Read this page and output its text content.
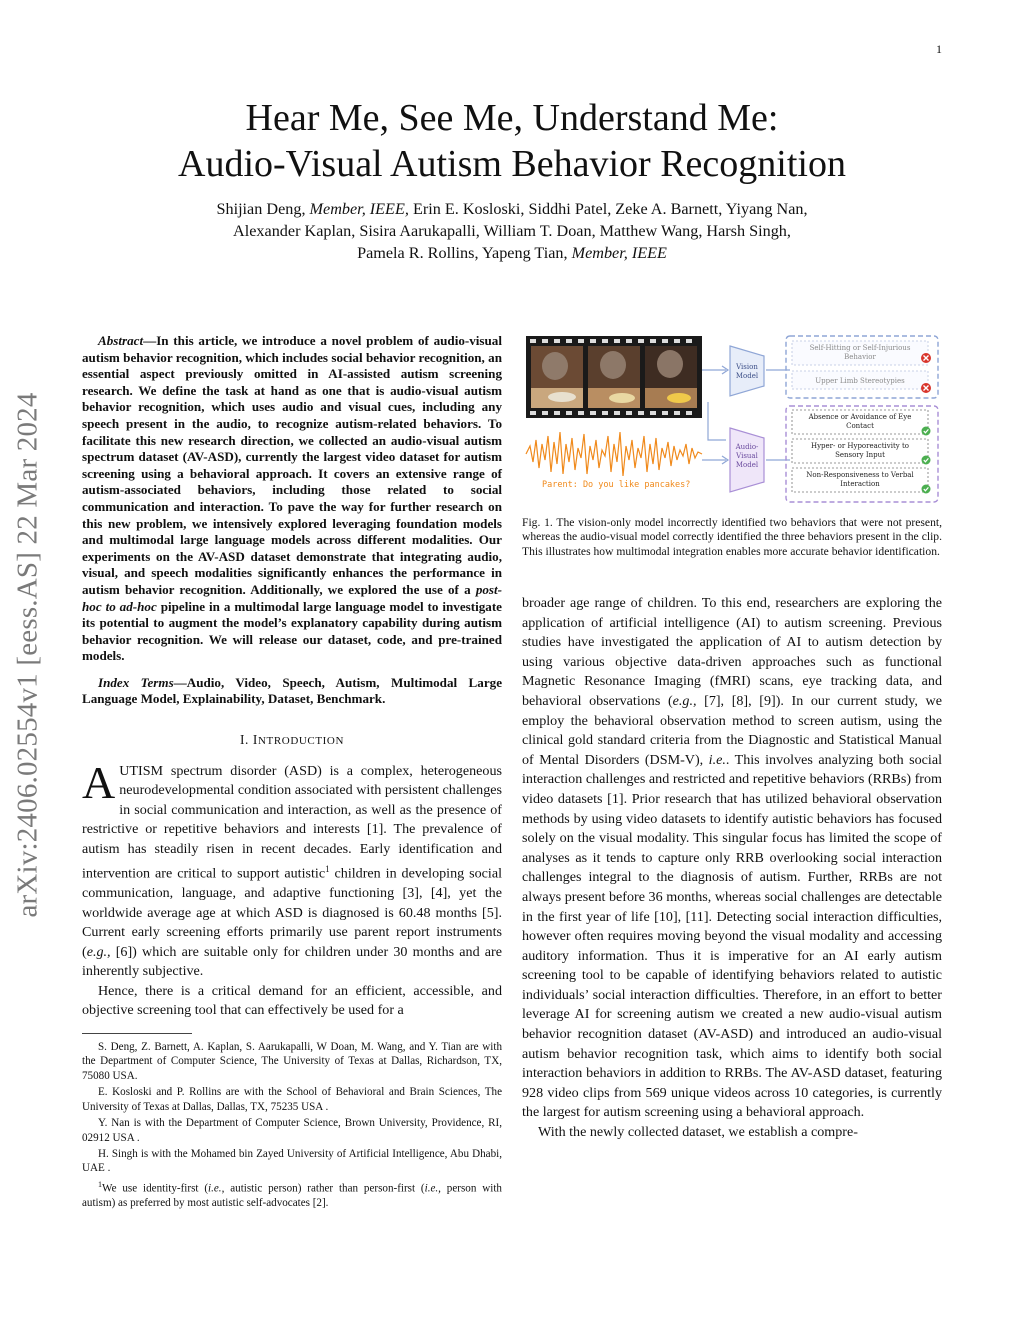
1
arXiv:2406.02554v1 [eess.AS] 22 Mar 2024
Hear Me, See Me, Understand Me:
Audio-Visual Autism Behavior Recognition
Shijian Deng, Member, IEEE, Erin E. Kosloski, Siddhi Patel, Zeke A. Barnett, Yiyang Nan,
Alexander Kaplan, Sisira Aarukapalli, William T. Doan, Matthew Wang, Harsh Singh,
Pamela R. Rollins, Yapeng Tian, Member, IEEE

Abstract—In this article, we introduce a novel problem of audio-visual autism behavior recognition, which includes social behavior recognition, an essential aspect previously omitted in AI-assisted autism screening research. We define the task at hand as one that is audio-visual autism behavior recognition, which uses audio and visual cues, including any speech present in the audio, to recognize autism-related behaviors. To facilitate this new research direction, we collected an audio-visual autism spectrum dataset (AV-ASD), currently the largest video dataset for autism screening using a behavioral approach. It covers an extensive range of autism-associated behaviors, including those related to social communication and interaction. To pave the way for further research on this new problem, we intensively explored leveraging foundation models and multimodal large language models across different modalities. Our experiments on the AV-ASD dataset demonstrate that integrating audio, visual, and speech modalities significantly enhances the performance in autism behavior recognition. Additionally, we explored the use of a post-hoc to ad-hoc pipeline in a multimodal large language model to investigate its potential to augment the model’s explanatory capability during autism behavior recognition. We will release our dataset, code, and pre-trained models.

Index Terms—Audio, Video, Speech, Autism, Multimodal Large Language Model, Explainability, Dataset, Benchmark.

I. INTRODUCTION

AUTISM spectrum disorder (ASD) is a complex, heterogeneous neurodevelopmental condition associated with persistent challenges in social communication and interaction, as well as the presence of restrictive or repetitive behaviors and interests [1]. The prevalence of autism has steadily risen in recent decades. Early identification and intervention are critical to support autistic$^1$ children in developing social communication, language, and adaptive functioning [3], [4], yet the worldwide average age at which ASD is diagnosed is 60.48 months [5]. Current early screening efforts primarily use parent report instruments (e.g., [6]) which are suitable only for children under 30 months and are inherently subjective.

Hence, there is a critical demand for an efficient, accessible, and objective screening tool that can effectively be used for a

S. Deng, Z. Barnett, A. Kaplan, S. Aarukapalli, W Doan, M. Wang, and Y. Tian are with the Department of Computer Science, The University of Texas at Dallas, Richardson, TX, 75080 USA.

E. Kosloski and P. Rollins are with the School of Behavioral and Brain Sciences, The University of Texas at Dallas, Dallas, TX, 75235 USA .

Y. Nan is with the Department of Computer Science, Brown University, Providence, RI, 02912 USA .

H. Singh is with the Mohamed bin Zayed University of Artificial Intelligence, Abu Dhabi, UAE .

$^1$We use identity-first (i.e., autistic person) rather than person-first (i.e., person with autism) as preferred by most autistic self-advocates [2].

Parent: Do you like pancakes?
Vision
Model
Audio-
Visual
Model
Self-Hitting or Self-Injurious
Behavior
Upper Limb Stereotypies
Absence or Avoidance of Eye
Contact
Hyper- or Hyporeactivity to
Sensory Input
Non-Responsiveness to Verbal
Interaction
Fig. 1. The vision-only model incorrectly identified two behaviors that were not present, whereas the audio-visual model correctly identified the three behaviors present in the clip. This illustrates how multimodal integration enables more accurate behavior identification.

broader age range of children. To this end, researchers are exploring the application of artificial intelligence (AI) to autism screening. Previous studies have investigated the application of AI to autism detection by using various objective data-driven approaches such as functional Magnetic Resonance Imaging (fMRI) scans, eye tracking data, and behavioral observations (e.g., [7], [8], [9]). In our current study, we employ the behavioral observation method to screen autism, using the clinical gold standard criteria from the Diagnostic and Statistical Manual of Mental Disorders (DSM-V), i.e.. This involves analyzing both social interaction challenges and restricted and repetitive behaviors (RRBs) from video datasets [1]. Prior research that has utilized behavioral observation methods by using video datasets to identify autistic behaviors has focused solely on the visual modality. This singular focus has limited the scope of analyses as it tends to capture only RRB overlooking social interaction challenges integral to the diagnosis of autism. Further, RRBs are not always present before 36 months, whereas social challenges are detectable in the first year of life [10], [11]. Detecting social interaction difficulties, however often requires moving beyond the visual modality and accessing auditory information. Thus it is imperative for an AI early autism screening tool to be capable of identifying behaviors related to autistic individuals’ social interaction difficulties. Therefore, in an effort to better leverage AI for screening autism we created a new audio-visual autism behavior recognition dataset (AV-ASD) and introduced an audio-visual autism behavior recognition task, which aims to identify both social interaction behaviors in addition to RRBs. The AV-ASD dataset, featuring 928 video clips from 569 unique videos across 10 categories, is currently the largest for autism screening using a behavioral approach.

With the newly collected dataset, we establish a compre-
